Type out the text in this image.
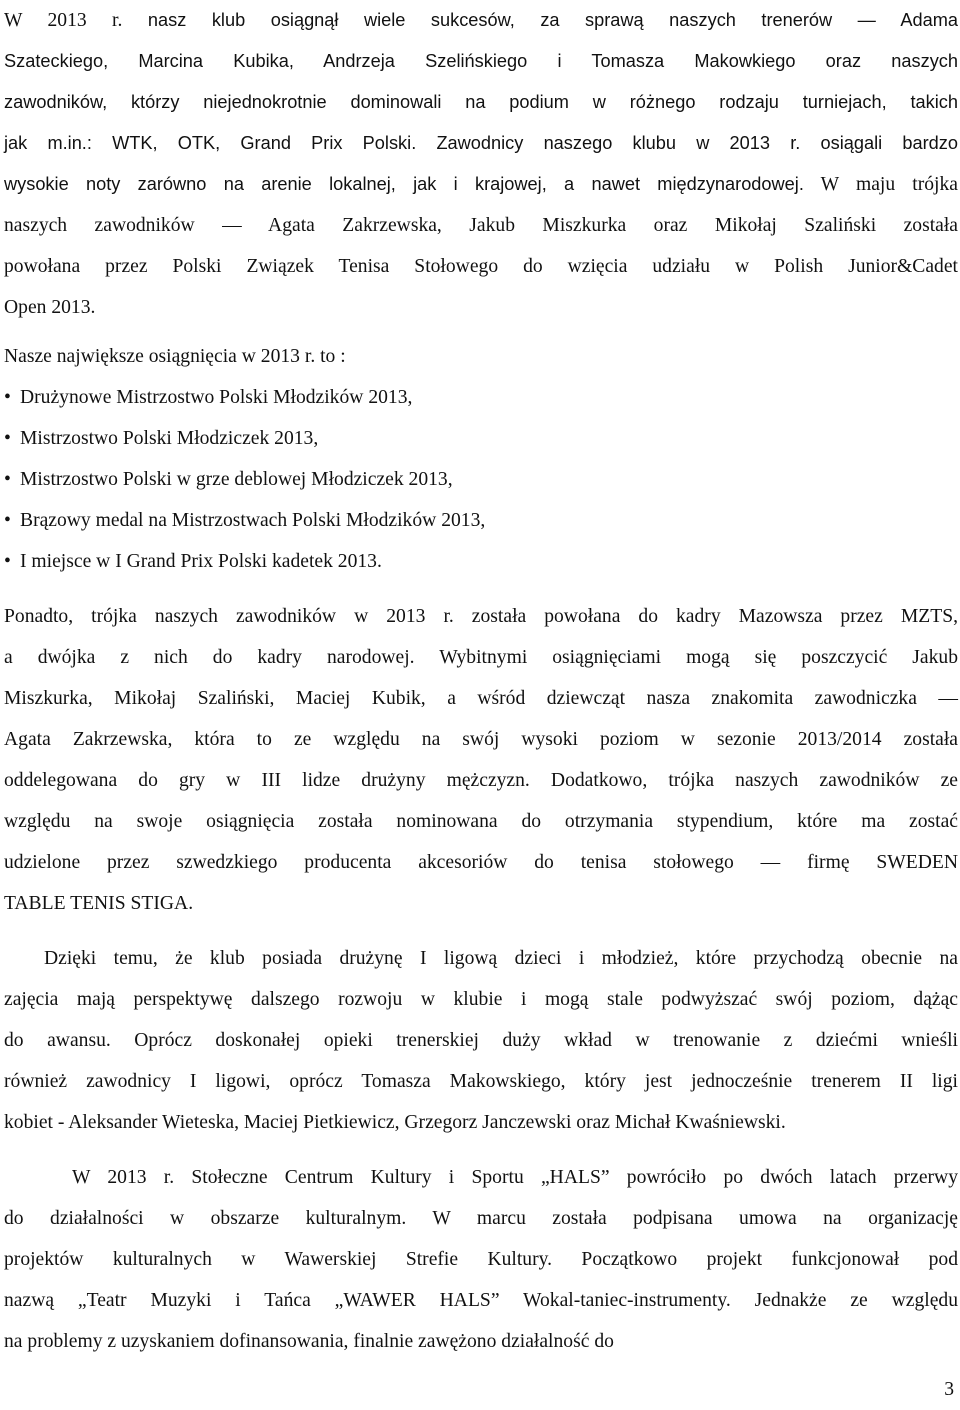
W 2013 r. nasz klub osiągnął wiele sukcesów, za sprawą naszych trenerów — Adama
Szateckiego, Marcina Kubika, Andrzeja Szelińskiego i Tomasza Makowkiego oraz naszych
zawodników, którzy niejednokrotnie dominowali na podium w różnego rodzaju turniejach, takich
jak m.in.: WTK, OTK, Grand Prix Polski. Zawodnicy naszego klubu w 2013 r. osiągali bardzo
wysokie noty zarówno na arenie lokalnej, jak i krajowej, a nawet międzynarodowej. W maju trójka
naszych zawodników — Agata Zakrzewska, Jakub Miszkurka oraz Mikołaj Szaliński została
powołana przez Polski Związek Tenisa Stołowego do wzięcia udziału w Polish Junior&Cadet
Open 2013.
Nasze największe osiągnięcia w 2013 r. to :
• Drużynowe Mistrzostwo Polski Młodzików 2013,
• Mistrzostwo Polski Młodziczek 2013,
• Mistrzostwo Polski w grze deblowej Młodziczek 2013,
• Brązowy medal na Mistrzostwach Polski Młodzików 2013,
• I miejsce w I Grand Prix Polski kadetek 2013.
Ponadto, trójka naszych zawodników w 2013 r. została powołana do kadry Mazowsza przez MZTS,
a dwójka z nich do kadry narodowej. Wybitnymi osiągnięciami mogą się poszczycić Jakub
Miszkurka, Mikołaj Szaliński, Maciej Kubik, a wśród dziewcząt nasza znakomita zawodniczka —
Agata Zakrzewska, która to ze względu na swój wysoki poziom w sezonie 2013/2014 została
oddelegowana do gry w III lidze drużyny mężczyzn. Dodatkowo, trójka naszych zawodników ze
względu na swoje osiągnięcia została nominowana do otrzymania stypendium, które ma zostać
udzielone przez szwedzkiego producenta akcesoriów do tenisa stołowego — firmę SWEDEN
TABLE TENIS STIGA.
Dzięki temu, że klub posiada drużynę I ligową dzieci i młodzież, które przychodzą obecnie na
zajęcia mają perspektywę dalszego rozwoju w klubie i mogą stale podwyższać swój poziom, dążąc
do awansu. Oprócz doskonałej opieki trenerskiej duży wkład w trenowanie z dziećmi wnieśli
również zawodnicy I ligowi, oprócz Tomasza Makowskiego, który jest jednocześnie trenerem II ligi
kobiet - Aleksander Wieteska, Maciej Pietkiewicz, Grzegorz Janczewski oraz Michał Kwaśniewski.
W 2013 r. Stołeczne Centrum Kultury i Sportu „HALS” powróciło po dwóch latach przerwy
do działalności w obszarze kulturalnym. W marcu została podpisana umowa na organizację
projektów kulturalnych w Wawerskiej Strefie Kultury. Początkowo projekt funkcjonował pod
nazwą „Teatr Muzyki i Tańca „WAWER HALS” Wokal-taniec-instrumenty. Jednakże ze względu
na problemy z uzyskaniem dofinansowania, finalnie zawężono działalność do
3
